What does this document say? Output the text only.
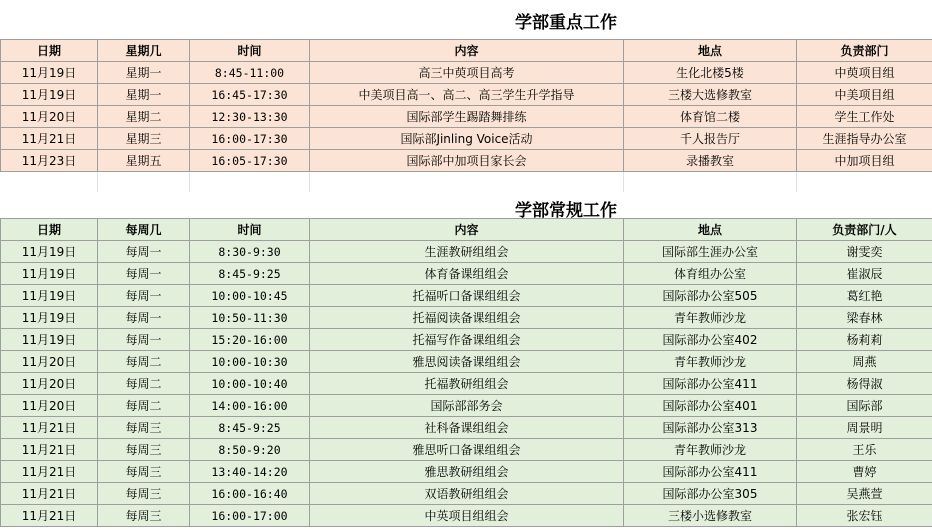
学部重点工作
日期	星期几	时间	内容	地点	负责部门
11月19日	星期一	8:45-11:00	高三中萸项目高考	生化北楼5楼	中萸项目组
11月19日	星期一	16:45-17:30	中美项目高一、高二、高三学生升学指导	三楼大选修教室	中美项目组
11月20日	星期二	12:30-13:30	国际部学生踢踏舞排练	体育馆二楼	学生工作处
11月21日	星期三	16:00-17:30	国际部Jinling Voice活动	千人报告厅	生涯指导办公室
11月23日	星期五	16:05-17:30	国际部中加项目家长会	录播教室	中加项目组
学部常规工作
日期	每周几	时间	内容	地点	负责部门/人
11月19日	每周一	8:30-9:30	生涯教研组组会	国际部生涯办公室	谢雯奕
11月19日	每周一	8:45-9:25	体育备课组组会	体育组办公室	崔淑辰
11月19日	每周一	10:00-10:45	托福听口备课组组会	国际部办公室505	葛红艳
11月19日	每周一	10:50-11:30	托福阅读备课组组会	青年教师沙龙	梁春林
11月19日	每周一	15:20-16:00	托福写作备课组组会	国际部办公室402	杨莉莉
11月20日	每周二	10:00-10:30	雅思阅读备课组组会	青年教师沙龙	周燕
11月20日	每周二	10:00-10:40	托福教研组组会	国际部办公室411	杨得淑
11月20日	每周二	14:00-16:00	国际部部务会	国际部办公室401	国际部
11月21日	每周三	8:45-9:25	社科备课组组会	国际部办公室313	周景明
11月21日	每周三	8:50-9:20	雅思听口备课组组会	青年教师沙龙	王乐
11月21日	每周三	13:40-14:20	雅思教研组组会	国际部办公室411	曹婷
11月21日	每周三	16:00-16:40	双语教研组组会	国际部办公室305	吴燕萱
11月21日	每周三	16:00-17:00	中英项目组组会	三楼小选修教室	张宏钰
